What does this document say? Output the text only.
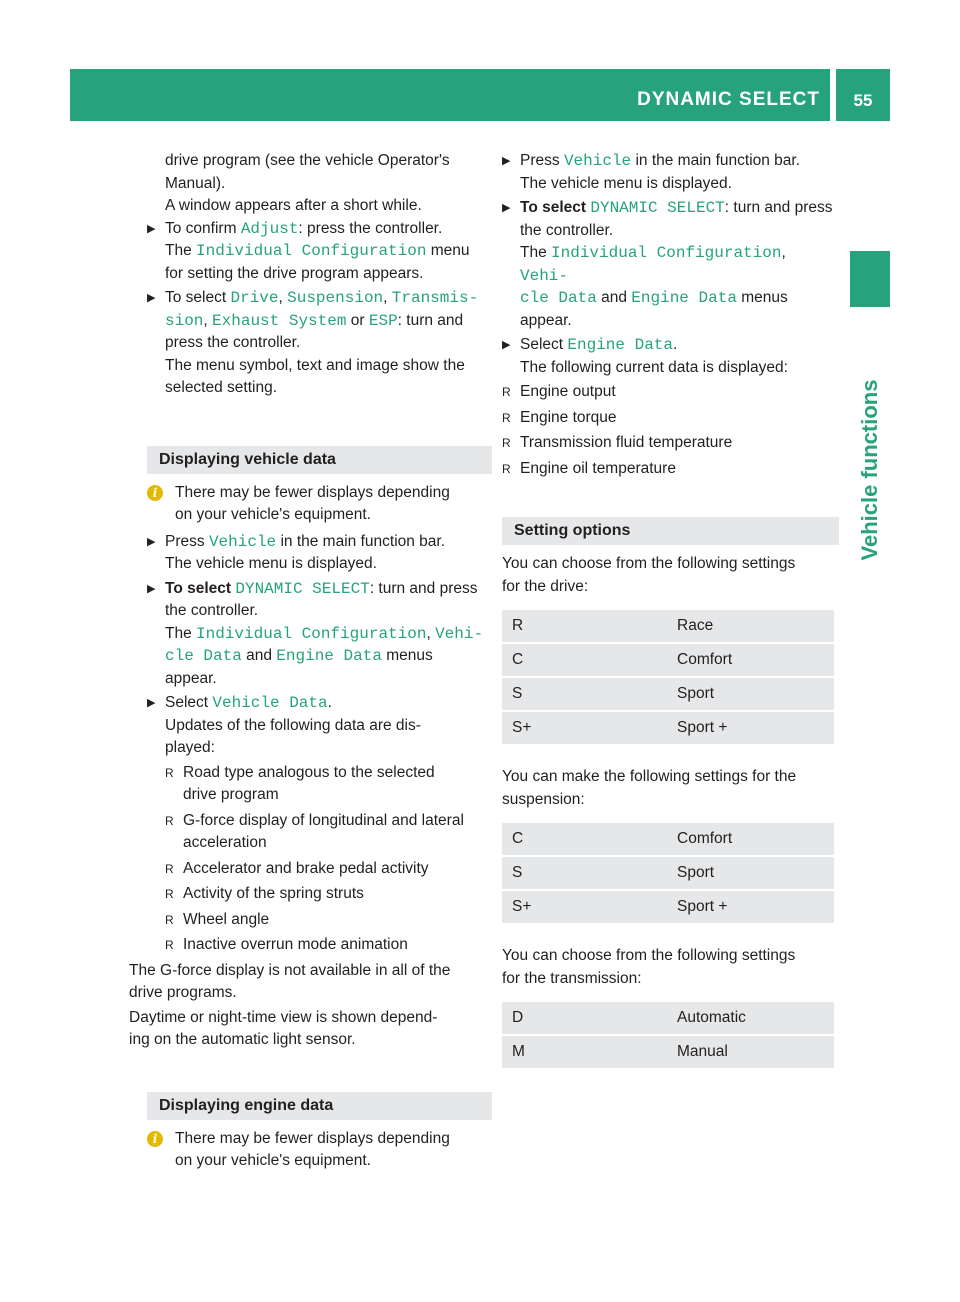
DYNAMIC SELECT	55
Vehicle functions

drive program (see the vehicle Operator's

Manual).

A window appears after a short while.

▶ To confirm Adjust: press the controller.
The Individual Configuration menu
for setting the drive program appears.
▶ To select Drive, Suspension, Transmis‐
sion, Exhaust System or ESP: turn and
press the controller.
The menu symbol, text and image show the
selected setting.
Displaying vehicle data
i	There may be fewer displays depending
on your vehicle's equipment.
▶ Press Vehicle in the main function bar.
The vehicle menu is displayed.
▶ To select DYNAMIC SELECT: turn and press
the controller.
The Individual Configuration, Vehi‐
cle Data and Engine Data menus
appear.
▶ Select Vehicle Data.
Updates of the following data are dis‐
played:
R Road type analogous to the selected
drive program
R G-force display of longitudinal and lateral
acceleration
R Accelerator and brake pedal activity
R Activity of the spring struts
R Wheel angle
R Inactive overrun mode animation
The G-force display is not available in all of the
drive programs.
Daytime or night-time view is shown depend‐
ing on the automatic light sensor.
Displaying engine data
i	There may be fewer displays depending
on your vehicle's equipment.
▶ Press Vehicle in the main function bar.
The vehicle menu is displayed.
▶ To select DYNAMIC SELECT: turn and press
the controller.
The Individual Configuration, Vehi‐
cle Data and Engine Data menus
appear.
▶ Select Engine Data.
The following current data is displayed:
R Engine output
R Engine torque
R Transmission fluid temperature
R Engine oil temperature
Setting options
You can choose from the following settings
for the drive:
R	Race
C	Comfort
S	Sport
S+	Sport +
You can make the following settings for the
suspension:
C	Comfort
S	Sport
S+	Sport +
You can choose from the following settings
for the transmission:
D	Automatic
M	Manual
